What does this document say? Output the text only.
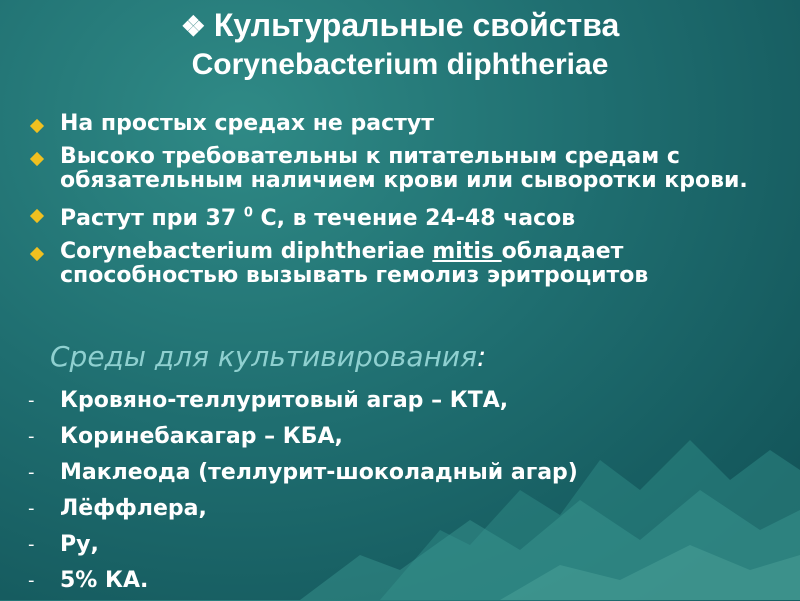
❖ Культуральные свойства
Corynebacterium diphtheriae
На простых средах не растут
Высоко требовательны к питательным средам с обязательным наличием крови или сыворотки крови.
Растут при 37 $^0$ С, в течение 24-48 часов
Corynebacterium diphtheriae mitis обладает способностью вызывать гемолиз эритроцитов
Среды для культивирования:
- Кровяно-теллуритовый агар – КТА,
- Коринебакагар – КБА,
- Маклеода (теллурит-шоколадный агар)
- Лёффлера,
- Ру,
- 5% КА.
